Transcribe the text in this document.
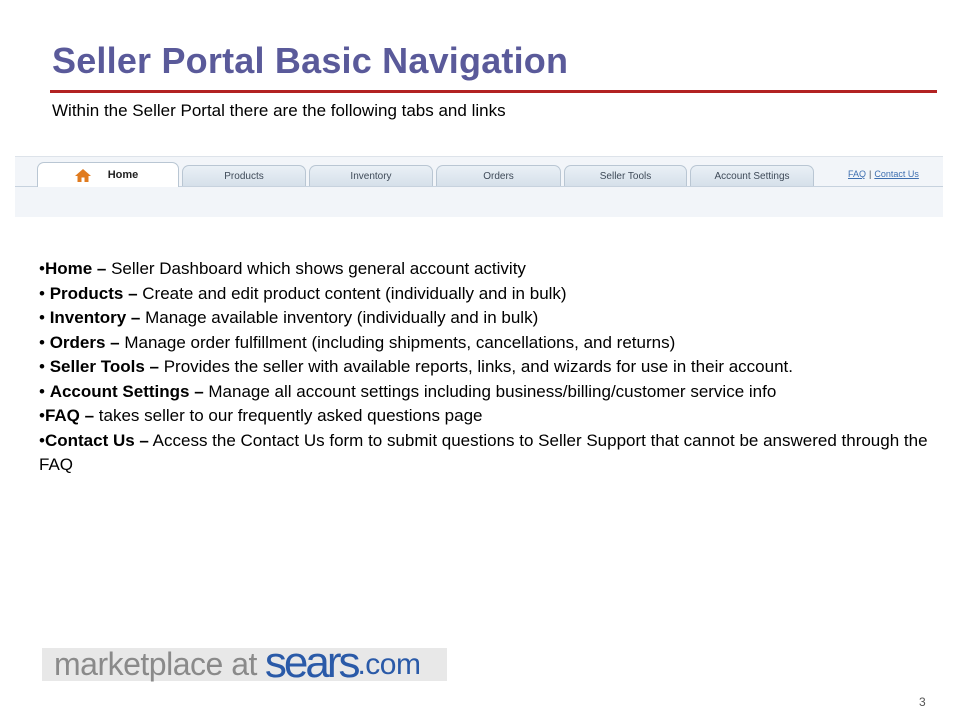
Seller Portal Basic Navigation
Within the Seller Portal there are the following tabs and links
Home	Products	Inventory	Orders	Seller Tools	Account Settings	FAQ | Contact Us

•Home – Seller Dashboard which shows general account activity

• Products – Create and edit product content (individually and in bulk)

• Inventory – Manage available inventory (individually and in bulk)

• Orders – Manage order fulfillment (including shipments, cancellations, and returns)

• Seller Tools – Provides the seller with available reports, links, and wizards for use in their account.

• Account Settings – Manage all account settings including business/billing/customer service info

•FAQ – takes seller to our frequently asked questions page

•Contact Us – Access the Contact Us form to submit questions to Seller Support that cannot be answered through the FAQ

marketplace at sears .com
3
